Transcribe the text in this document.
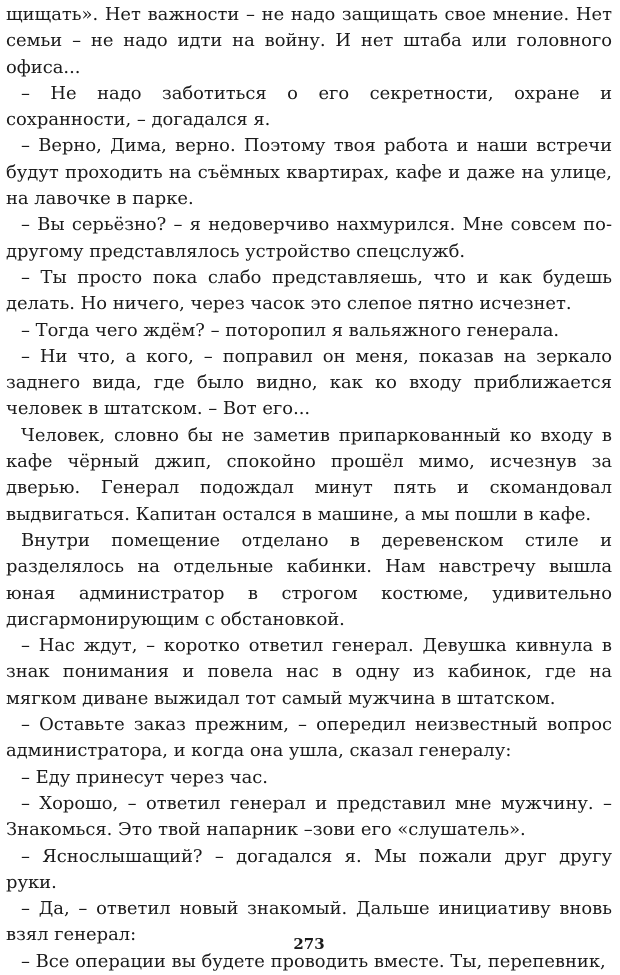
щищать». Нет важности – не надо защищать свое мнение. Нет семьи – не надо идти на войну. И нет штаба или головного офиса...

– Не надо заботиться о его секретности, охране и сохранности, – догадался я.

– Верно, Дима, верно. Поэтому твоя работа и наши встречи будут проходить на съёмных квартирах, кафе и даже на улице, на лавочке в парке.

– Вы серьёзно? – я недоверчиво нахмурился. Мне совсем по-другому представлялось устройство спецслужб.

– Ты просто пока слабо представляешь, что и как будешь делать. Но ничего, через часок это слепое пятно исчезнет.

– Тогда чего ждём? – поторопил я вальяжного генерала.

– Ни что, а кого, – поправил он меня, показав на зеркало заднего вида, где было видно, как ко входу приближается человек в штатском. – Вот его...

Человек, словно бы не заметив припаркованный ко входу в кафе чёрный джип, спокойно прошёл мимо, исчезнув за дверью. Генерал подождал минут пять и скомандовал выдвигаться. Капитан остался в машине, а мы пошли в кафе.

Внутри помещение отделано в деревенском стиле и разделялось на отдельные кабинки. Нам навстречу вышла юная администратор в строгом костюме, удивительно дисгармонирующим с обстановкой.

– Нас ждут, – коротко ответил генерал. Девушка кивнула в знак понимания и повела нас в одну из кабинок, где на мягком диване выжидал тот самый мужчина в штатском.

– Оставьте заказ прежним, – опередил неизвестный вопрос администратора, и когда она ушла, сказал генералу:

– Еду принесут через час.

– Хорошо, – ответил генерал и представил мне мужчину. – Знакомься. Это твой напарник –зови его «слушатель».

– Яснослышащий? – догадался я. Мы пожали друг другу руки.

– Да, – ответил новый знакомый. Дальше инициативу вновь взял генерал:

– Все операции вы будете проводить вместе. Ты, перепевник,

273
